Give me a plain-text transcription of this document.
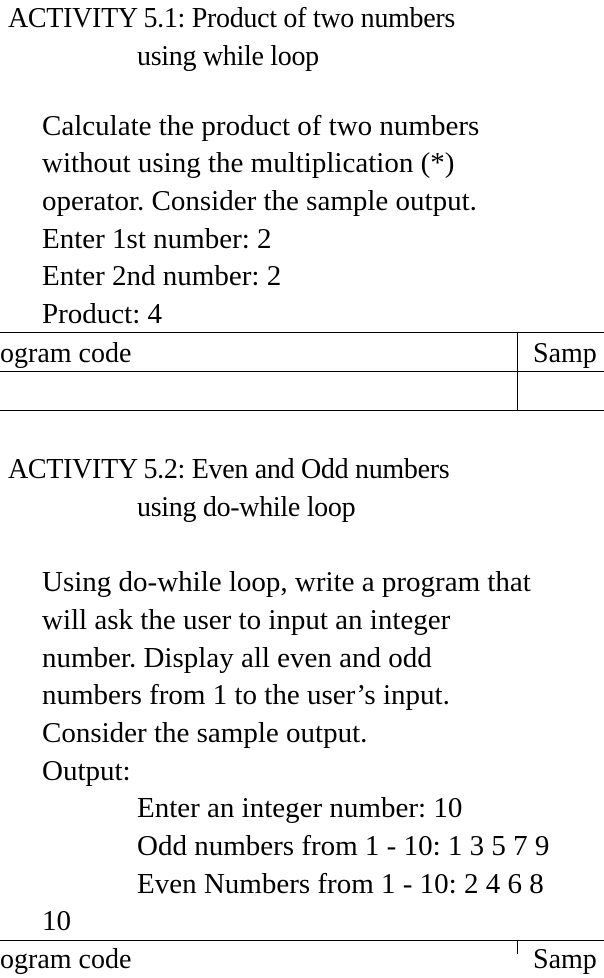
ACTIVITY 5.1: Product of two numbers
using while loop
Calculate the product of two numbers
without using the multiplication (*)
operator. Consider the sample output.
Enter 1st number: 2
Enter 2nd number: 2
Product: 4
ogram code	Samp
ACTIVITY 5.2: Even and Odd numbers
using do-while loop
Using do-while loop, write a program that
will ask the user to input an integer
number. Display all even and odd
numbers from 1 to the user’s input.
Consider the sample output.
Output:
Enter an integer number: 10
Odd numbers from 1 - 10: 1 3 5 7 9
Even Numbers from 1 - 10: 2 4 6 8
10
ogram code	Samp
